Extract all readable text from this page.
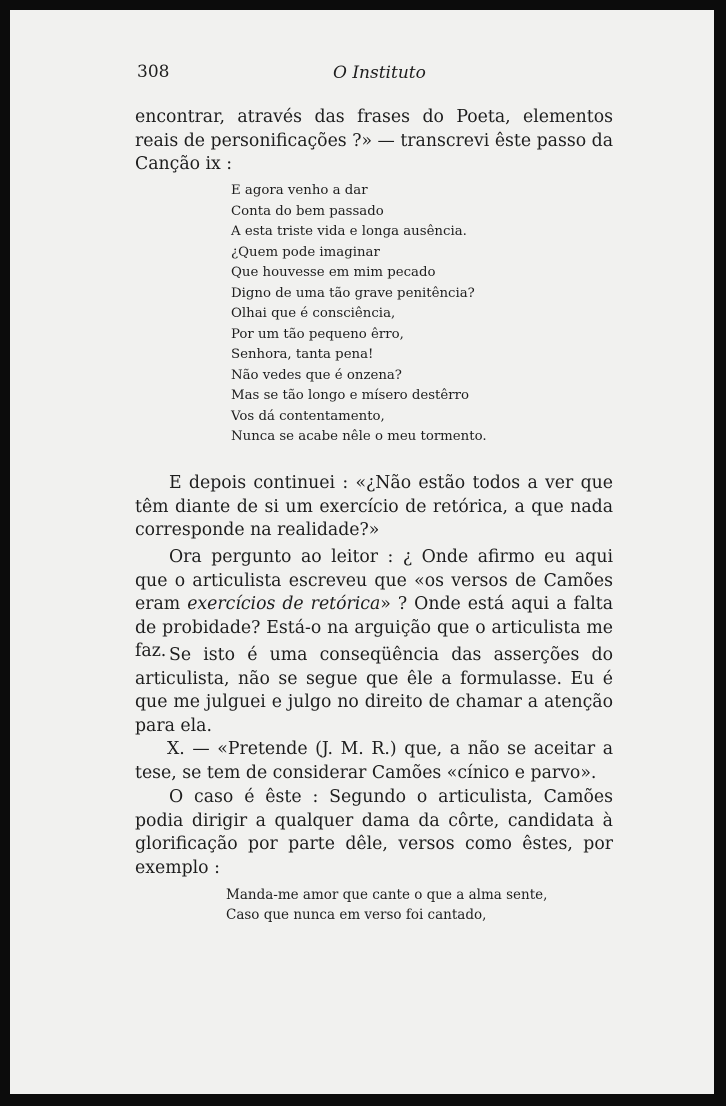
308	O Instituto

encontrar, através das frases do Poeta, elementos reais de personificações ?» — transcrevi êste passo da Canção ix :

E agora venho a dar
Conta do bem passado
A esta triste vida e longa ausência.
¿Quem pode imaginar
Que houvesse em mim pecado
Digno de uma tão grave penitência?
Olhai que é consciência,
Por um tão pequeno êrro,
Senhora, tanta pena!
Não vedes que é onzena?
Mas se tão longo e mísero destêrro
Vos dá contentamento,
Nunca se acabe nêle o meu tormento.

E depois continuei : «¿Não estão todos a ver que têm diante de si um exercício de retórica, a que nada corresponde na realidade?»

Ora pergunto ao leitor : ¿ Onde afirmo eu aqui que o articulista escreveu que «os versos de Camões eram exercícios de retórica» ? Onde está aqui a falta de probidade? Está-o na arguição que o articulista me faz. Se isto é uma conseqüência das asserções do articulista, não se segue que êle a formulasse. Eu é que me julguei e julgo no direito de chamar a atenção para ela.

X. — «Pretende (J. M. R.) que, a não se aceitar a tese, se tem de considerar Camões «cínico e parvo».

O caso é êste : Segundo o articulista, Camões podia dirigir a qualquer dama da côrte, candidata à glorificação por parte dêle, versos como êstes, por exemplo :

Manda-me amor que cante o que a alma sente,
Caso que nunca em verso foi cantado,
